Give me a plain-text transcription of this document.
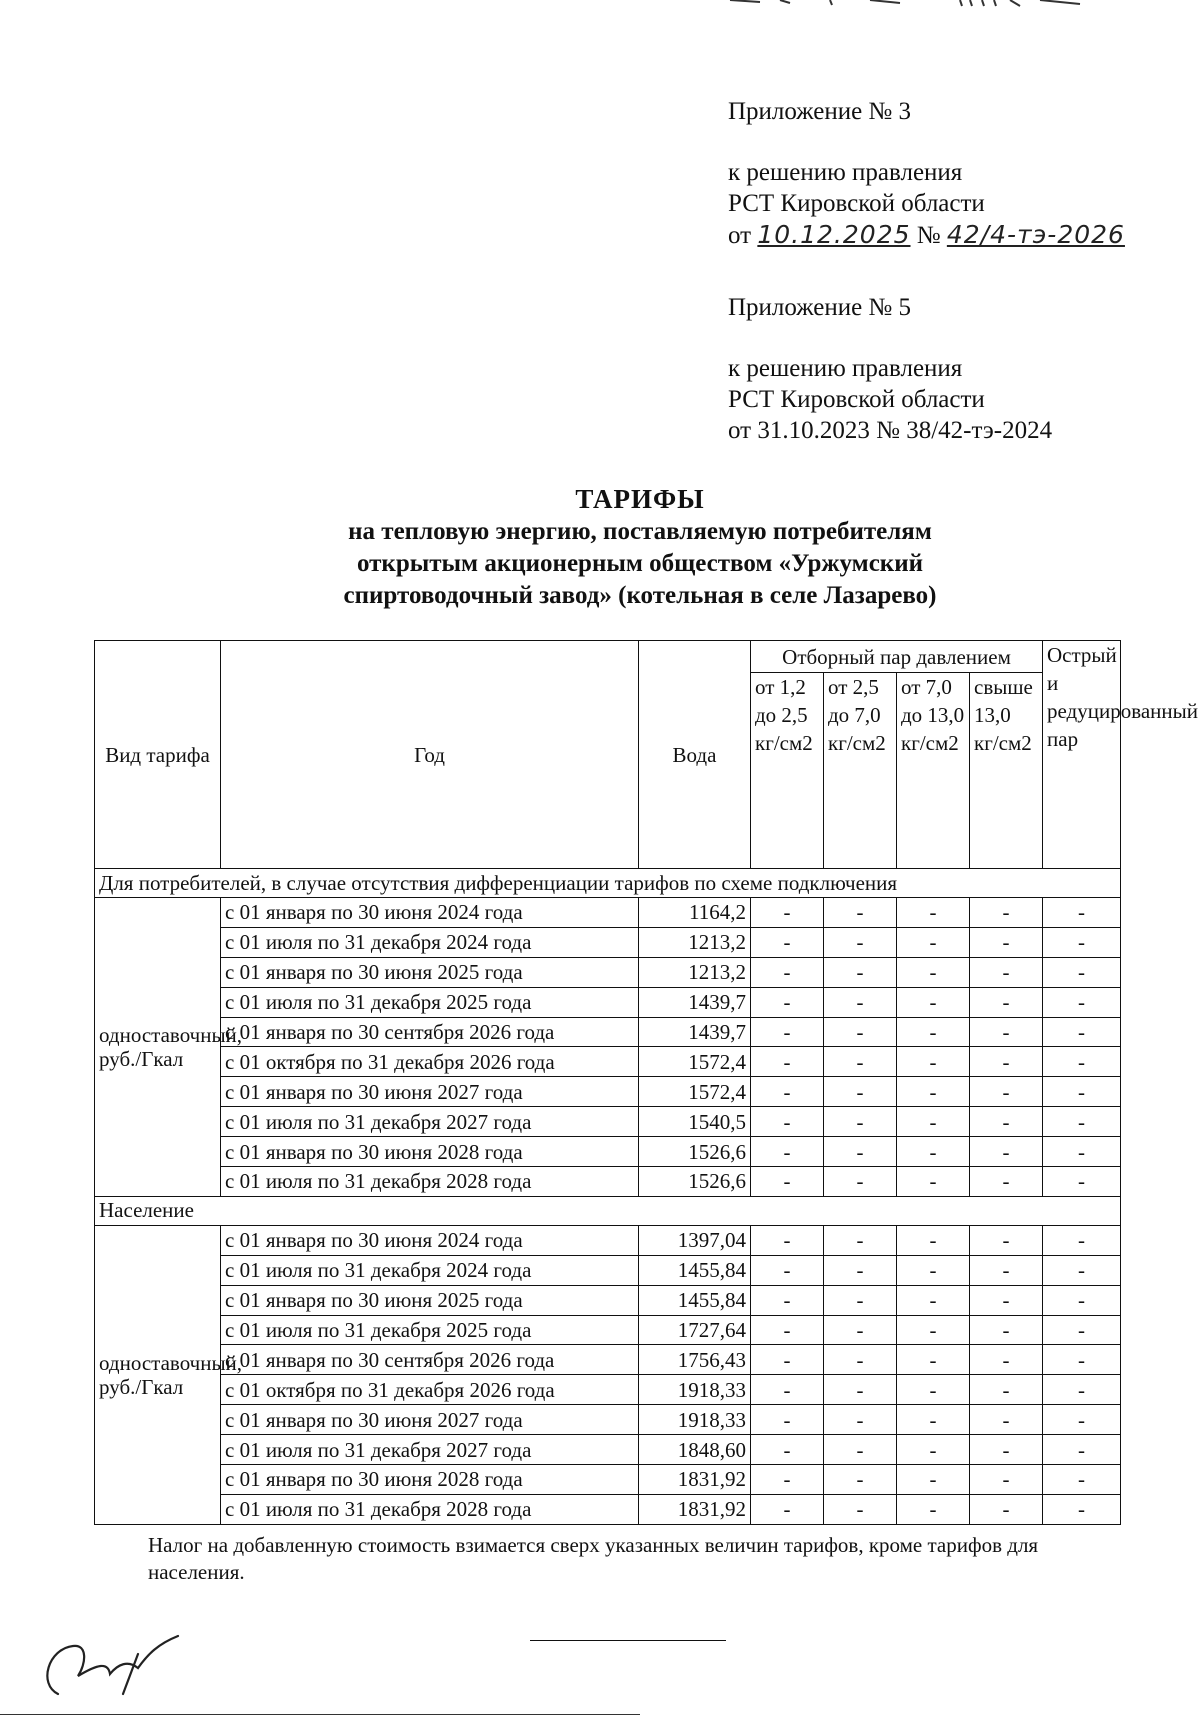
Приложение № 3
к решению правления
РСТ Кировской области
от 10.12.2025 № 42/4-тэ-2026
Приложение № 5
к решению правления
РСТ Кировской области
от 31.10.2023 № 38/42-тэ-2024
ТАРИФЫ
на тепловую энергию, поставляемую потребителям
открытым акционерным обществом «Уржумский
спиртоводочный завод» (котельная в селе Лазарево)
Вид тарифа	Год	Вода	Отборный пар давлением				Острый и редуцированный пар
			от 1,2 до 2,5 кг/см2	от 2,5 до 7,0 кг/см2	от 7,0 до 13,0 кг/см2	свыше 13,0 кг/см2	
Для потребителей, в случае отсутствия дифференциации тарифов по схеме подключения							
одноставочный, руб./Гкал	с 01 января по 30 июня 2024 года	1164,2	-	-	-	-	-
	с 01 июля по 31 декабря 2024 года	1213,2	-	-	-	-	-
	с 01 января по 30 июня 2025 года	1213,2	-	-	-	-	-
	с 01 июля по 31 декабря 2025 года	1439,7	-	-	-	-	-
	с 01 января по 30 сентября 2026 года	1439,7	-	-	-	-	-
	с 01 октября по 31 декабря 2026 года	1572,4	-	-	-	-	-
	с 01 января по 30 июня 2027 года	1572,4	-	-	-	-	-
	с 01 июля по 31 декабря 2027 года	1540,5	-	-	-	-	-
	с 01 января по 30 июня 2028 года	1526,6	-	-	-	-	-
	с 01 июля по 31 декабря 2028 года	1526,6	-	-	-	-	-
Население							
одноставочный, руб./Гкал	с 01 января по 30 июня 2024 года	1397,04	-	-	-	-	-
	с 01 июля по 31 декабря 2024 года	1455,84	-	-	-	-	-
	с 01 января по 30 июня 2025 года	1455,84	-	-	-	-	-
	с 01 июля по 31 декабря 2025 года	1727,64	-	-	-	-	-
	с 01 января по 30 сентября 2026 года	1756,43	-	-	-	-	-
	с 01 октября по 31 декабря 2026 года	1918,33	-	-	-	-	-
	с 01 января по 30 июня 2027 года	1918,33	-	-	-	-	-
	с 01 июля по 31 декабря 2027 года	1848,60	-	-	-	-	-
	с 01 января по 30 июня 2028 года	1831,92	-	-	-	-	-
	с 01 июля по 31 декабря 2028 года	1831,92	-	-	-	-	-
Налог на добавленную стоимость взимается сверх указанных величин тарифов, кроме тарифов для населения.
